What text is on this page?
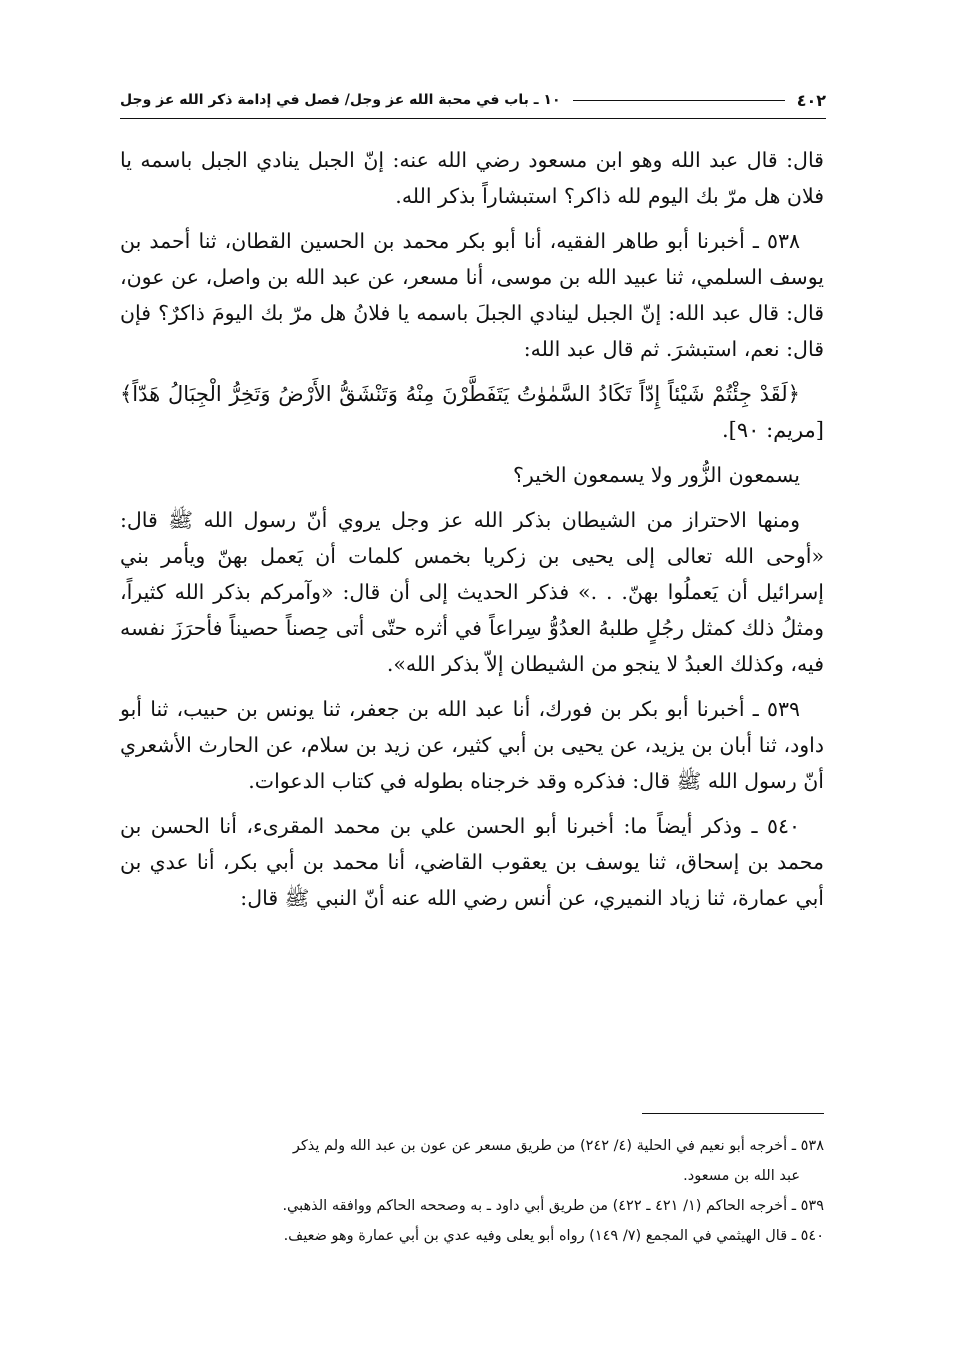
٤٠٢
١٠ ـ باب في محبة الله عز وجل/ فصل في إدامة ذكر الله عز وجل

قال: قال عبد الله وهو ابن مسعود رضي الله عنه: إنّ الجبل ينادي الجبل باسمه يا فلان هل مرّ بك اليوم لله ذاكر؟ استبشاراً بذكر الله.

٥٣٨ ـ أخبرنا أبو طاهر الفقيه، أنا أبو بكر محمد بن الحسين القطان، ثنا أحمد بن يوسف السلمي، ثنا عبيد الله بن موسى، أنا مسعر، عن عبد الله بن واصل، عن عون، قال: قال عبد الله: إنّ الجبل لينادي الجبلَ باسمه يا فلانُ هل مرّ بك اليومَ ذاكرٌ؟ فإن قال: نعم، استبشرَ. ثم قال عبد الله:

﴿لَقَدْ جِئْتُمْ شَيْئاً إِدّاً تَكَادُ السَّمٰوٰتُ يَتَفَطَّرْنَ مِنْهُ وَتَنْشَقُّ الأَرْضُ وَتَخِرُّ الْجِبَالُ هَدّاً﴾ [مريم: ٩٠].

يسمعون الزُّور ولا يسمعون الخير؟

ومنها الاحتراز من الشيطان بذكر الله عز وجل يروي أنّ رسول الله ﷺ قال: «أوحى الله تعالى إلى يحيى بن زكريا بخمس كلمات أن يَعمل بهنّ ويأمر بني إسرائيل أن يَعملُوا بهنّ. . .» فذكر الحديث إلى أن قال: «وآمركم بذكر الله كثيراً، ومثلُ ذلك كمثل رجُلٍ طلبهُ العدُوُّ سِراعاً في أثره حتّى أتى حِصناً حصيناً فأحرَزَ نفسه فيه، وكذلك العبدُ لا ينجو من الشيطان إلاّ بذكر الله».

٥٣٩ ـ أخبرنا أبو بكر بن فورك، أنا عبد الله بن جعفر، ثنا يونس بن حبيب، ثنا أبو داود، ثنا أبان بن يزيد، عن يحيى بن أبي كثير، عن زيد بن سلام، عن الحارث الأشعري أنّ رسول الله ﷺ قال: فذكره وقد خرجناه بطوله في كتاب الدعوات.

٥٤٠ ـ وذكر أيضاً ما: أخبرنا أبو الحسن علي بن محمد المقرىء، أنا الحسن بن محمد بن إسحاق، ثنا يوسف بن يعقوب القاضي، أنا محمد بن أبي بكر، أنا عدي بن أبي عمارة، ثنا زياد النميري، عن أنس رضي الله عنه أنّ النبي ﷺ قال:

٥٣٨ ـ أخرجه أبو نعيم في الحلية (٤/ ٢٤٢) من طريق مسعر عن عون بن عبد الله ولم يذكر

عبد الله بن مسعود.

٥٣٩ ـ أخرجه الحاكم (١/ ٤٢١ ـ ٤٢٢) من طريق أبي داود ـ به وصححه الحاكم ووافقه الذهبي.

٥٤٠ ـ قال الهيثمي في المجمع (٧/ ١٤٩) رواه أبو يعلى وفيه عدي بن أبي عمارة وهو ضعيف.
